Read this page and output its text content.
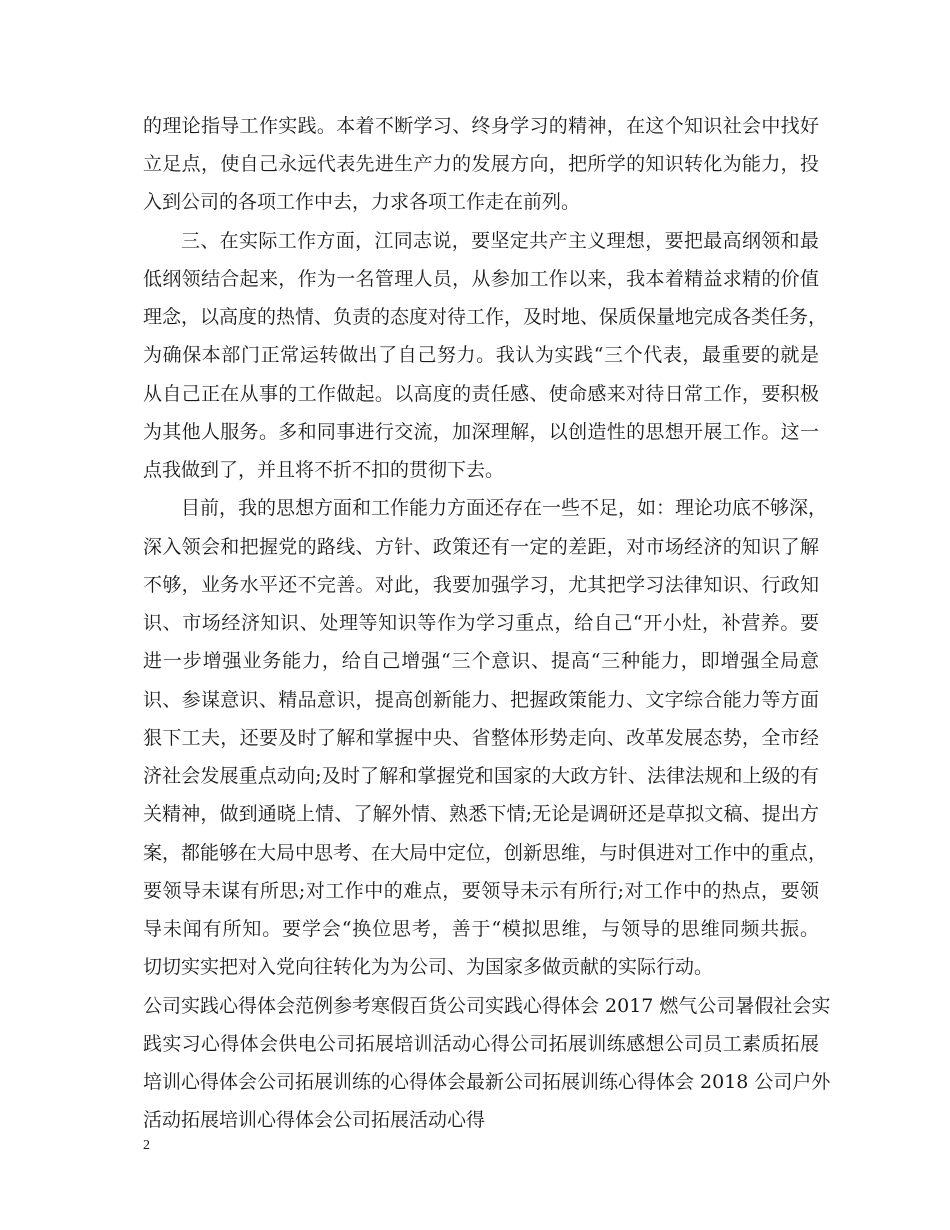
的理论指导工作实践。本着不断学习、终身学习的精神，在这个知识社会中找好
立足点，使自己永远代表先进生产力的发展方向，把所学的知识转化为能力，投
入到公司的各项工作中去，力求各项工作走在前列。
三、在实际工作方面，江同志说，要坚定共产主义理想，要把最高纲领和最
低纲领结合起来，作为一名管理人员，从参加工作以来，我本着精益求精的价值
理念，以高度的热情、负责的态度对待工作，及时地、保质保量地完成各类任务，
为确保本部门正常运转做出了自己努力。我认为实践“三个代表，最重要的就是
从自己正在从事的工作做起。以高度的责任感、使命感来对待日常工作，要积极
为其他人服务。多和同事进行交流，加深理解，以创造性的思想开展工作。这一
点我做到了，并且将不折不扣的贯彻下去。
目前，我的思想方面和工作能力方面还存在一些不足，如：理论功底不够深，
深入领会和把握党的路线、方针、政策还有一定的差距，对市场经济的知识了解
不够，业务水平还不完善。对此，我要加强学习，尤其把学习法律知识、行政知
识、市场经济知识、处理等知识等作为学习重点，给自己“开小灶，补营养。要
进一步增强业务能力，给自己增强“三个意识、提高“三种能力，即增强全局意
识、参谋意识、精品意识，提高创新能力、把握政策能力、文字综合能力等方面
狠下工夫，还要及时了解和掌握中央、省整体形势走向、改革发展态势，全市经
济社会发展重点动向;及时了解和掌握党和国家的大政方针、法律法规和上级的有
关精神，做到通晓上情、了解外情、熟悉下情;无论是调研还是草拟文稿、提出方
案，都能够在大局中思考、在大局中定位，创新思维，与时俱进对工作中的重点，
要领导未谋有所思;对工作中的难点，要领导未示有所行;对工作中的热点，要领
导未闻有所知。要学会“换位思考，善于“模拟思维，与领导的思维同频共振。
切切实实把对入党向往转化为为公司、为国家多做贡献的实际行动。
公司实践心得体会范例参考寒假百货公司实践心得体会 2017 燃气公司暑假社会实
践实习心得体会供电公司拓展培训活动心得公司拓展训练感想公司员工素质拓展
培训心得体会公司拓展训练的心得体会最新公司拓展训练心得体会 2018 公司户外
活动拓展培训心得体会公司拓展活动心得
2
